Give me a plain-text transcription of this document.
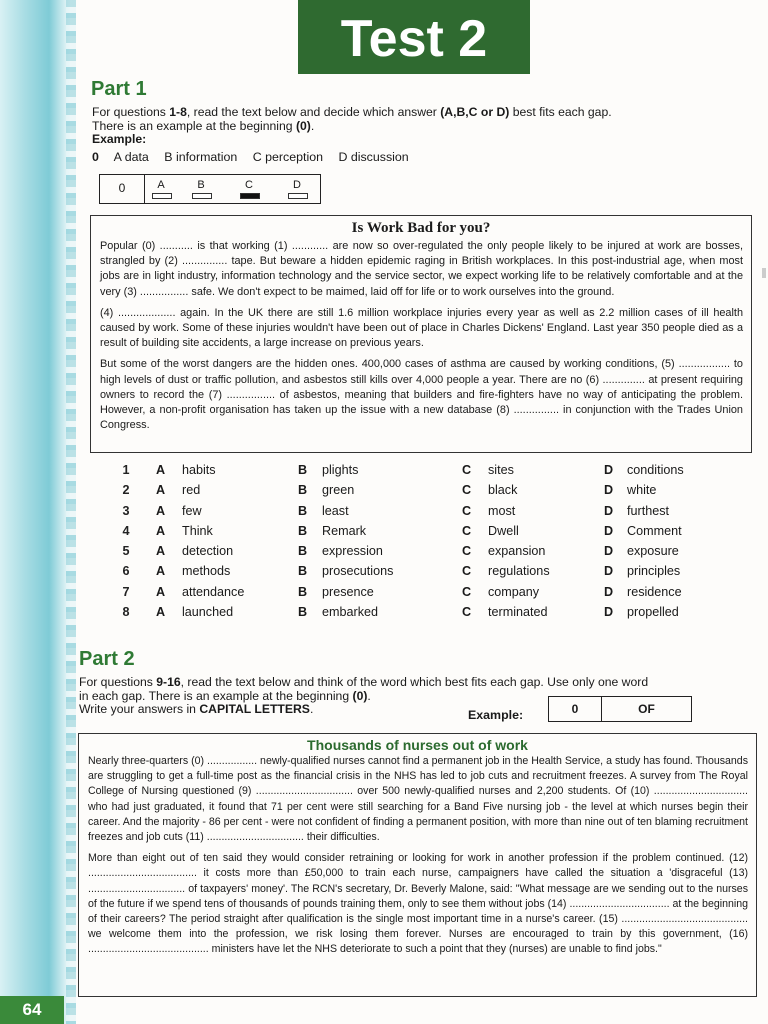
Test 2
Part 1
For questions 1-8, read the text below and decide which answer (A,B,C or D) best fits each gap.
There is an example at the beginning (0).
Example:
0 A data B information C perception D discussion
0	A	B	C	D
Is Work Bad for you?

Popular (0) ........... is that working (1) ............ are now so over-regulated the only people likely to be injured at work are bosses, strangled by (2) ............... tape. But beware a hidden epidemic raging in British workplaces. In this post-industrial age, when most jobs are in light industry, information technology and the service sector, we expect working life to be relatively comfortable and at the very (3) ................ safe. We don't expect to be maimed, laid off for life or to work ourselves into the ground.

(4) ................... again. In the UK there are still 1.6 million workplace injuries every year as well as 2.2 million cases of ill health caused by work. Some of these injuries wouldn't have been out of place in Charles Dickens' England. Last year 350 people died as a result of building site accidents, a large increase on previous years.

But some of the worst dangers are the hidden ones. 400,000 cases of asthma are caused by working conditions, (5) ................. to high levels of dust or traffic pollution, and asbestos still kills over 4,000 people a year. There are no (6) .............. at present requiring owners to record the (7) ................ of asbestos, meaning that builders and fire-fighters have no way of anticipating the problem. However, a non-profit organisation has taken up the issue with a new database (8) ............... in conjunction with the Trades Union Congress.

1	A habits	B plights	C sites	D conditions
2	A red	B green	C black	D white
3	A few	B least	C most	D furthest
4	A Think	B Remark	C Dwell	D Comment
5	A detection	B expression	C expansion	D exposure
6	A methods	B prosecutions	C regulations	D principles
7	A attendance	B presence	C company	D residence
8	A launched	B embarked	C terminated	D propelled
Part 2
For questions 9-16, read the text below and think of the word which best fits each gap. Use only one word
in each gap. There is an example at the beginning (0).
Write your answers in CAPITAL LETTERS.	Example:	0	OF
Thousands of nurses out of work

Nearly three-quarters (0) ................. newly-qualified nurses cannot find a permanent job in the Health Service, a study has found. Thousands are struggling to get a full-time post as the financial crisis in the NHS has led to job cuts and recruitment freezes. A survey from The Royal College of Nursing questioned (9) ................................. over 500 newly-qualified nurses and 2,200 students. Of (10) ................................ who had just graduated, it found that 71 per cent were still searching for a Band Five nursing job - the level at which nurses begin their career. And the majority - 86 per cent - were not confident of finding a permanent position, with more than nine out of ten blaming recruitment freezes and job cuts (11) ................................. their difficulties.

More than eight out of ten said they would consider retraining or looking for work in another profession if the problem continued. (12) ..................................... it costs more than £50,000 to train each nurse, campaigners have called the situation a 'disgraceful (13) ................................. of taxpayers' money'. The RCN's secretary, Dr. Beverly Malone, said: "What message are we sending out to the nurses of the future if we spend tens of thousands of pounds training them, only to see them without jobs (14) .................................. at the beginning of their careers? The period straight after qualification is the single most important time in a nurse's career. (15) ........................................... we welcome them into the profession, we risk losing them forever. Nurses are encouraged to train by this government, (16) ......................................... ministers have let the NHS deteriorate to such a point that they (nurses) are unable to find jobs."

64
